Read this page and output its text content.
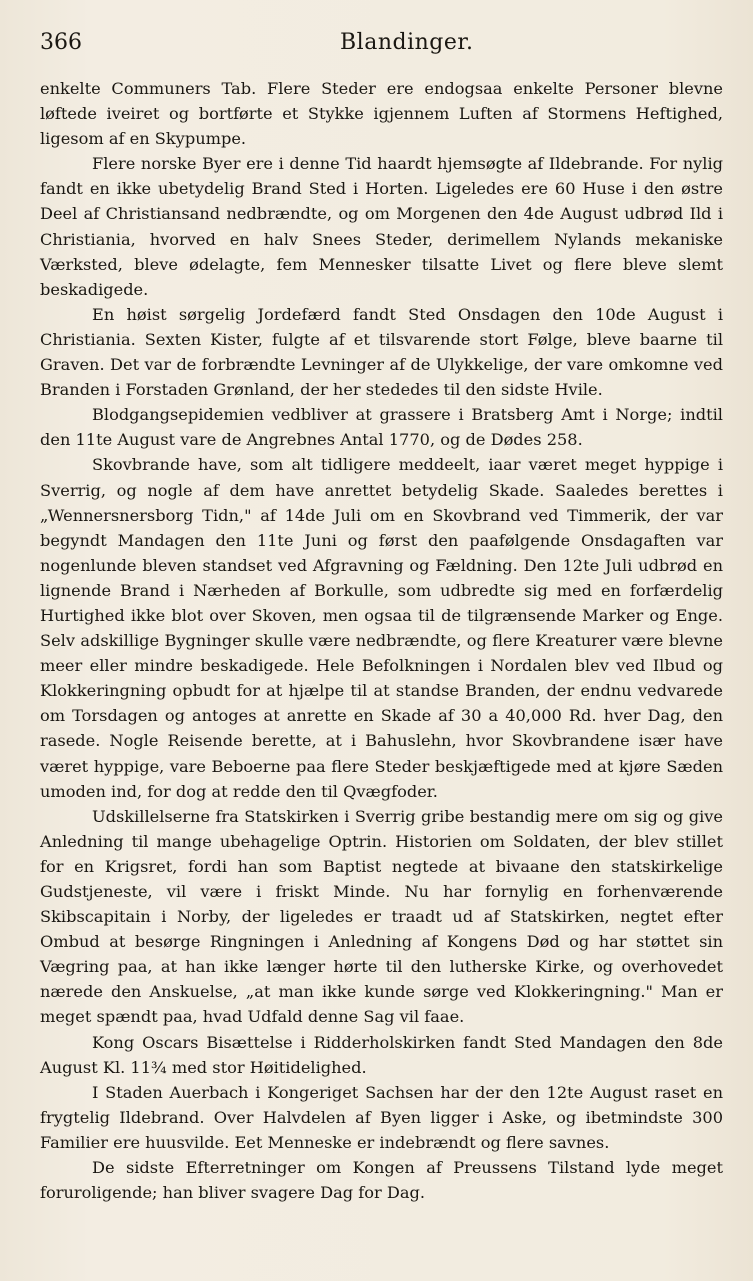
366	Blandinger.

enkelte Communers Tab. Flere Steder ere endogsaa enkelte Personer blevne løftede iveiret og bortførte et Stykke igjennem Luften af Stormens Heftighed, ligesom af en Skypumpe.

Flere norske Byer ere i denne Tid haardt hjemsøgte af Ildebrande. For nylig fandt en ikke ubetydelig Brand Sted i Horten. Ligeledes ere 60 Huse i den østre Deel af Christiansand nedbrændte, og om Morgenen den 4de August udbrød Ild i Christiania, hvorved en halv Snees Steder, derimellem Nylands mekaniske Værksted, bleve ødelagte, fem Mennesker tilsatte Livet og flere bleve slemt beskadigede.

En høist sørgelig Jordefærd fandt Sted Onsdagen den 10de August i Christiania. Sexten Kister, fulgte af et tilsvarende stort Følge, bleve baarne til Graven. Det var de forbrændte Levninger af de Ulykkelige, der vare omkomne ved Branden i Forstaden Grønland, der her stededes til den sidste Hvile.

Blodgangsepidemien vedbliver at grassere i Bratsberg Amt i Norge; indtil den 11te August vare de Angrebnes Antal 1770, og de Dødes 258.

Skovbrande have, som alt tidligere meddeelt, iaar været meget hyppige i Sverrig, og nogle af dem have anrettet betydelig Skade. Saaledes berettes i „Wennersnersborg Tidn," af 14de Juli om en Skovbrand ved Timmerik, der var begyndt Mandagen den 11te Juni og først den paafølgende Onsdagaften var nogenlunde bleven standset ved Afgravning og Fældning. Den 12te Juli udbrød en lignende Brand i Nærheden af Borkulle, som udbredte sig med en forfærdelig Hurtighed ikke blot over Skoven, men ogsaa til de tilgrænsende Marker og Enge. Selv adskillige Bygninger skulle være nedbrændte, og flere Kreaturer være blevne meer eller mindre beskadigede. Hele Befolkningen i Nordalen blev ved Ilbud og Klokkeringning opbudt for at hjælpe til at standse Branden, der endnu vedvarede om Torsdagen og antoges at anrette en Skade af 30 a 40,000 Rd. hver Dag, den rasede. Nogle Reisende berette, at i Bahuslehn, hvor Skovbrandene især have været hyppige, vare Beboerne paa flere Steder beskjæftigede med at kjøre Sæden umoden ind, for dog at redde den til Qvægfoder.

Udskillelserne fra Statskirken i Sverrig gribe bestandig mere om sig og give Anledning til mange ubehagelige Optrin. Historien om Soldaten, der blev stillet for en Krigsret, fordi han som Baptist negtede at bivaane den statskirkelige Gudstjeneste, vil være i friskt Minde. Nu har fornylig en forhenværende Skibscapitain i Norby, der ligeledes er traadt ud af Statskirken, negtet efter Ombud at besørge Ringningen i Anledning af Kongens Død og har støttet sin Vægring paa, at han ikke længer hørte til den lutherske Kirke, og overhovedet nærede den Anskuelse, „at man ikke kunde sørge ved Klokkeringning." Man er meget spændt paa, hvad Udfald denne Sag vil faae.

Kong Oscars Bisættelse i Ridderholskirken fandt Sted Mandagen den 8de August Kl. 11¾ med stor Høitidelighed.

I Staden Auerbach i Kongeriget Sachsen har der den 12te August raset en frygtelig Ildebrand. Over Halvdelen af Byen ligger i Aske, og ibetmindste 300 Familier ere huusvilde. Eet Menneske er indebrændt og flere savnes.

De sidste Efterretninger om Kongen af Preussens Tilstand lyde meget foruroligende; han bliver svagere Dag for Dag.
